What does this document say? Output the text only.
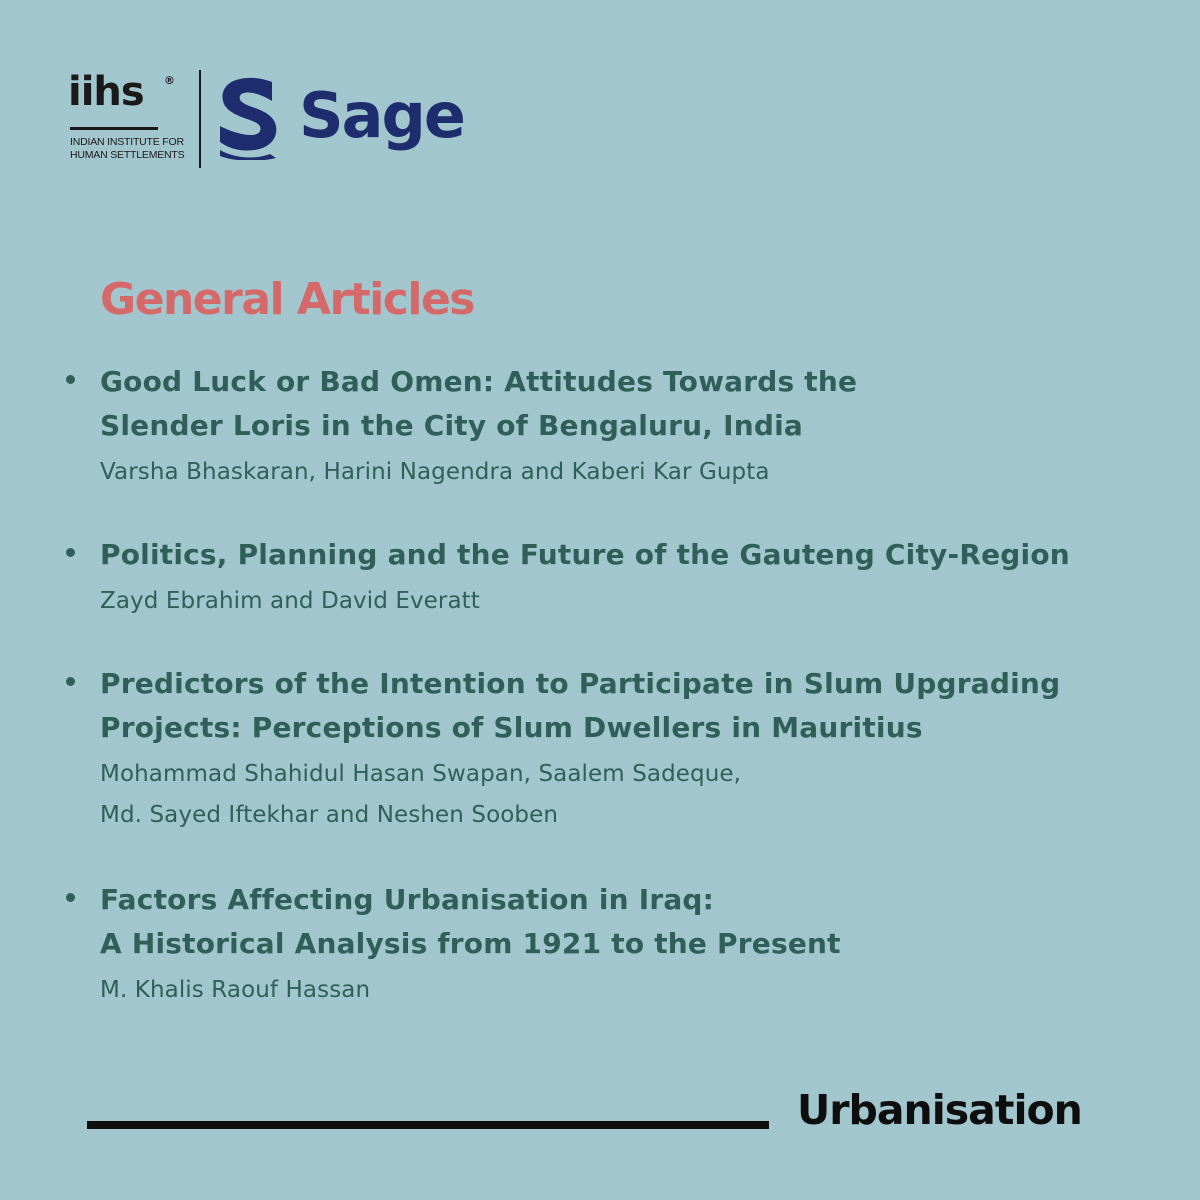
iihs ®
INDIAN INSTITUTE FOR
HUMAN SETTLEMENTS
Sage
General Articles
Good Luck or Bad Omen: Attitudes Towards the
Slender Loris in the City of Bengaluru, India
Varsha Bhaskaran, Harini Nagendra and Kaberi Kar Gupta
Politics, Planning and the Future of the Gauteng City-Region
Zayd Ebrahim and David Everatt
Predictors of the Intention to Participate in Slum Upgrading
Projects: Perceptions of Slum Dwellers in Mauritius
Mohammad Shahidul Hasan Swapan, Saalem Sadeque,
Md. Sayed Iftekhar and Neshen Sooben
Factors Affecting Urbanisation in Iraq:
A Historical Analysis from 1921 to the Present
M. Khalis Raouf Hassan
Urbanisation
